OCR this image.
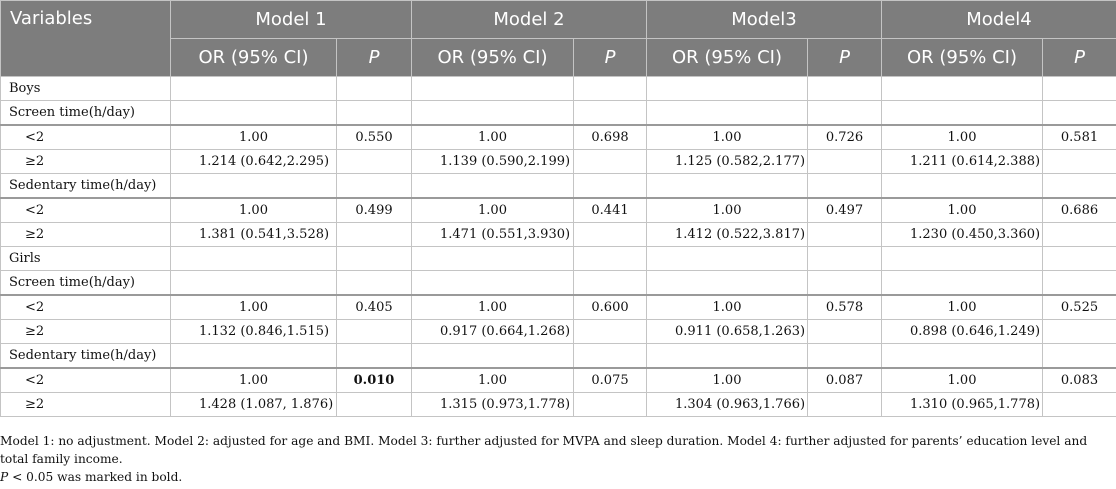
Variables	Model 1		Model 2		Model3		Model4	
	OR (95% CI)	P	OR (95% CI)	P	OR (95% CI)	P	OR (95% CI)	P
Boys								
Screen time(h/day)								
<2	1.00	0.550	1.00	0.698	1.00	0.726	1.00	0.581
≥2	1.214 (0.642,2.295)		1.139 (0.590,2.199)		1.125 (0.582,2.177)		1.211 (0.614,2.388)	
Sedentary time(h/day)								
<2	1.00	0.499	1.00	0.441	1.00	0.497	1.00	0.686
≥2	1.381 (0.541,3.528)		1.471 (0.551,3.930)		1.412 (0.522,3.817)		1.230 (0.450,3.360)	
Girls								
Screen time(h/day)								
<2	1.00	0.405	1.00	0.600	1.00	0.578	1.00	0.525
≥2	1.132 (0.846,1.515)		0.917 (0.664,1.268)		0.911 (0.658,1.263)		0.898 (0.646,1.249)	
Sedentary time(h/day)								
<2	1.00	0.010	1.00	0.075	1.00	0.087	1.00	0.083
≥2	1.428 (1.087, 1.876)		1.315 (0.973,1.778)		1.304 (0.963,1.766)		1.310 (0.965,1.778)	

Model 1: no adjustment. Model 2: adjusted for age and BMI. Model 3: further adjusted for MVPA and sleep duration. Model 4: further adjusted for parents’ education level and total family income.

P < 0.05 was marked in bold.
